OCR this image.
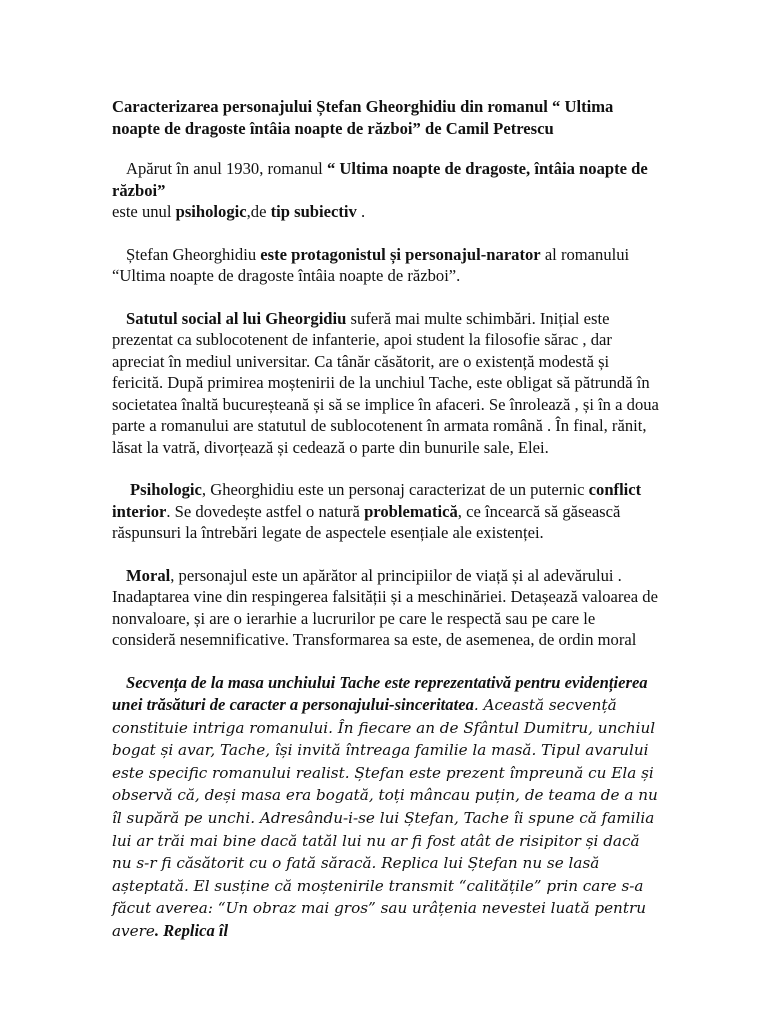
Caracterizarea personajului Ștefan Gheorghidiu din romanul “ Ultima noapte de dragoste întâia noapte de război” de Camil Petrescu

Apărut în anul 1930, romanul “ Ultima noapte de dragoste, întâia noapte de război”
este unul psihologic,de tip subiectiv .

Ștefan Gheorghidiu este protagonistul și personajul-narator al romanului “Ultima noapte de dragoste întâia noapte de război”.

Satutul social al lui Gheorgidiu suferă mai multe schimbări. Inițial este prezentat ca sublocotenent de infanterie, apoi student la filosofie sărac , dar apreciat în mediul universitar. Ca tânăr căsătorit, are o existență modestă și fericită. După primirea moștenirii de la unchiul Tache, este obligat să pătrundă în societatea înaltă bucureșteană și să se implice în afaceri. Se înrolează , și în a doua parte a romanului are statutul de sublocotenent în armata română . În final, rănit, lăsat la vatră, divorțează și cedează o parte din bunurile sale, Elei.

Psihologic, Gheorghidiu este un personaj caracterizat de un puternic conflict interior. Se dovedește astfel o natură problematică, ce încearcă să găsească răspunsuri la întrebări legate de aspectele esențiale ale existenței.

Moral, personajul este un apărător al principiilor de viață și al adevărului . Inadaptarea vine din respingerea falsității și a meschinăriei. Detașează valoarea de nonvaloare, și are o ierarhie a lucrurilor pe care le respectă sau pe care le consideră nesemnificative. Transformarea sa este, de asemenea, de ordin moral

Secvența de la masa unchiului Tache este reprezentativă pentru evidențierea unei trăsături de caracter a personajului-sinceritatea. Această secvență constituie intriga romanului. În fiecare an de Sfântul Dumitru, unchiul bogat și avar, Tache, își invită întreaga familie la masă. Tipul avarului este specific romanului realist. Ștefan este prezent împreună cu Ela și observă că, deși masa era bogată, toți mâncau puțin, de teama de a nu îl supără pe unchi. Adresându-i-se lui Ștefan, Tache îi spune că familia lui ar trăi mai bine dacă tatăl lui nu ar fi fost atât de risipitor și dacă nu s-r fi căsătorit cu o fată săracă. Replica lui Ștefan nu se lasă așteptată. El susține că moștenirile transmit “calitățile” prin care s-a făcut averea: “Un obraz mai gros” sau urâțenia nevestei luată pentru avere. Replica îl
